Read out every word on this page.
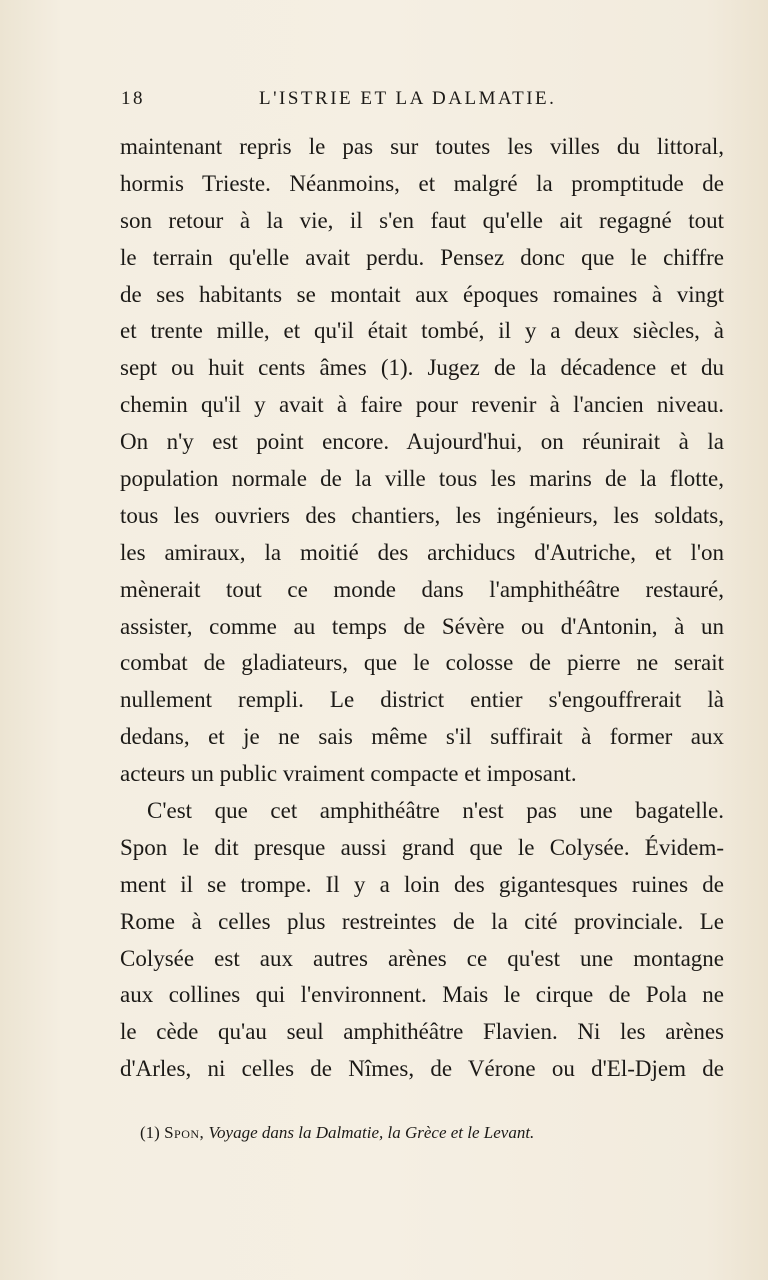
18	L'ISTRIE ET LA DALMATIE.
maintenant repris le pas sur toutes les villes du littoral,
hormis Trieste. Néanmoins, et malgré la promptitude de
son retour à la vie, il s'en faut qu'elle ait regagné tout
le terrain qu'elle avait perdu. Pensez donc que le chiffre
de ses habitants se montait aux époques romaines à vingt
et trente mille, et qu'il était tombé, il y a deux siècles, à
sept ou huit cents âmes (1). Jugez de la décadence et du
chemin qu'il y avait à faire pour revenir à l'ancien niveau.
On n'y est point encore. Aujourd'hui, on réunirait à la
population normale de la ville tous les marins de la flotte,
tous les ouvriers des chantiers, les ingénieurs, les soldats,
les amiraux, la moitié des archiducs d'Autriche, et l'on
mènerait tout ce monde dans l'amphithéâtre restauré,
assister, comme au temps de Sévère ou d'Antonin, à un
combat de gladiateurs, que le colosse de pierre ne serait
nullement rempli. Le district entier s'engouffrerait là
dedans, et je ne sais même s'il suffirait à former aux
acteurs un public vraiment compacte et imposant.
C'est que cet amphithéâtre n'est pas une bagatelle.
Spon le dit presque aussi grand que le Colysée. Évidem-
ment il se trompe. Il y a loin des gigantesques ruines de
Rome à celles plus restreintes de la cité provinciale. Le
Colysée est aux autres arènes ce qu'est une montagne
aux collines qui l'environnent. Mais le cirque de Pola ne
le cède qu'au seul amphithéâtre Flavien. Ni les arènes
d'Arles, ni celles de Nîmes, de Vérone ou d'El-Djem de
(1) Spon, Voyage dans la Dalmatie, la Grèce et le Levant.
